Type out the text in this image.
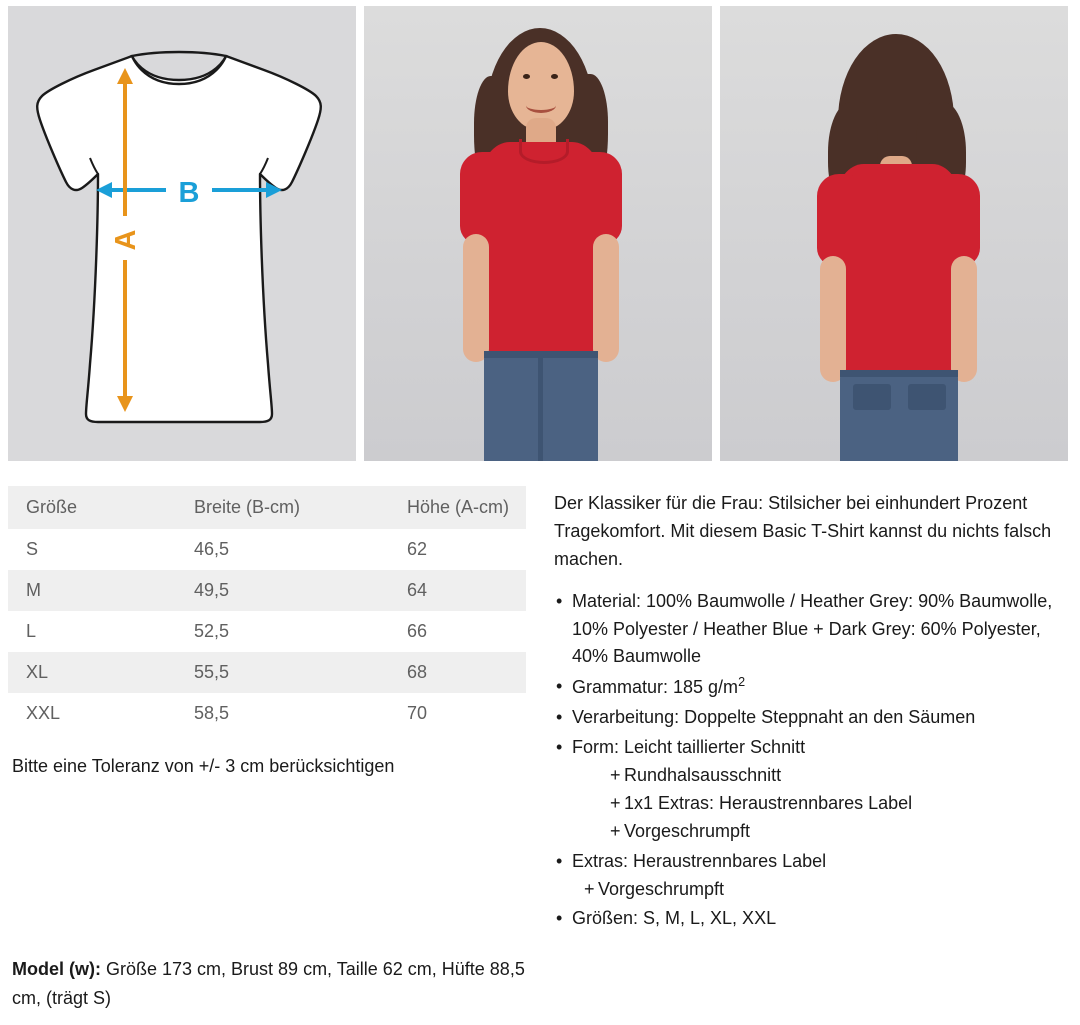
B
A
Größe	Breite (B-cm)	Höhe (A-cm)
S	46,5	62
M	49,5	64
L	52,5	66
XL	55,5	68
XXL	58,5	70
Bitte eine Toleranz von +/- 3 cm berücksichtigen

Der Klassiker für die Frau: Stilsicher bei einhundert Prozent Tragekomfort. Mit diesem Basic T-Shirt kannst du nichts falsch machen.

• Material: 100% Baumwolle / Heather Grey: 90% Baumwolle, 10% Polyester / Heather Blue + Dark Grey: 60% Polyester, 40% Baumwolle
• Grammatur: 185 $g/m^2$
• Verarbeitung: Doppelte Steppnaht an den Säumen
• Form: Leicht taillierter Schnitt
+ Rundhalsausschnitt
+ 1x1 Extras: Heraustrennbares Label
+ Vorgeschrumpft
• Extras: Heraustrennbares Label
+ Vorgeschrumpft
• Größen: S, M, L, XL, XXL
Model (w): Größe 173 cm, Brust 89 cm, Taille 62 cm, Hüfte 88,5 cm, (trägt S)
